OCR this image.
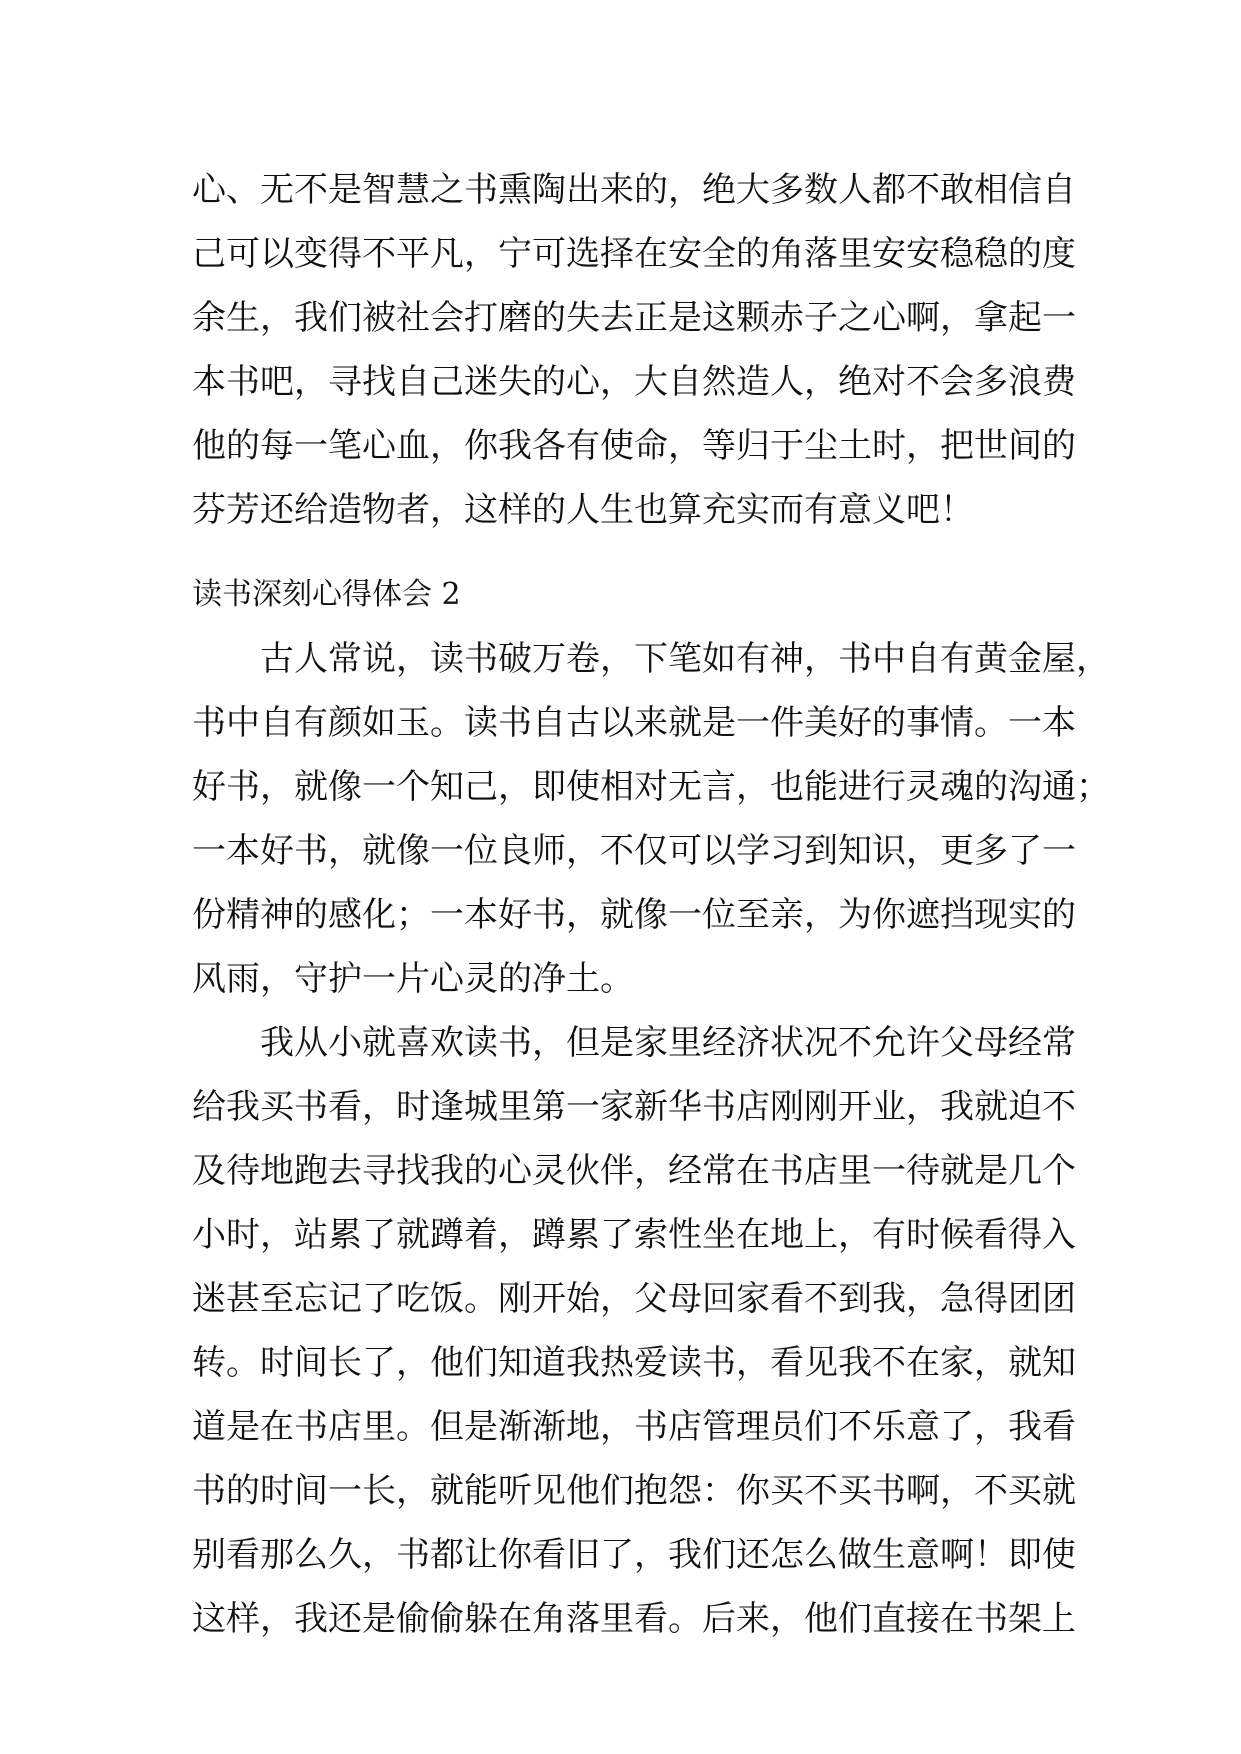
心、无不是智慧之书熏陶出来的，绝大多数人都不敢相信自
己可以变得不平凡，宁可选择在安全的角落里安安稳稳的度
余生，我们被社会打磨的失去正是这颗赤子之心啊，拿起一
本书吧，寻找自己迷失的心，大自然造人，绝对不会多浪费
他的每一笔心血，你我各有使命，等归于尘土时，把世间的
芬芳还给造物者，这样的人生也算充实而有意义吧！
读书深刻心得体会 2
古人常说，读书破万卷，下笔如有神，书中自有黄金屋，
书中自有颜如玉。读书自古以来就是一件美好的事情。一本
好书，就像一个知己，即使相对无言，也能进行灵魂的沟通；
一本好书，就像一位良师，不仅可以学习到知识，更多了一
份精神的感化；一本好书，就像一位至亲，为你遮挡现实的
风雨，守护一片心灵的净土。
我从小就喜欢读书，但是家里经济状况不允许父母经常
给我买书看，时逢城里第一家新华书店刚刚开业，我就迫不
及待地跑去寻找我的心灵伙伴，经常在书店里一待就是几个
小时，站累了就蹲着，蹲累了索性坐在地上，有时候看得入
迷甚至忘记了吃饭。刚开始，父母回家看不到我，急得团团
转。时间长了，他们知道我热爱读书，看见我不在家，就知
道是在书店里。但是渐渐地，书店管理员们不乐意了，我看
书的时间一长，就能听见他们抱怨：你买不买书啊，不买就
别看那么久，书都让你看旧了，我们还怎么做生意啊！即使
这样，我还是偷偷躲在角落里看。后来，他们直接在书架上
